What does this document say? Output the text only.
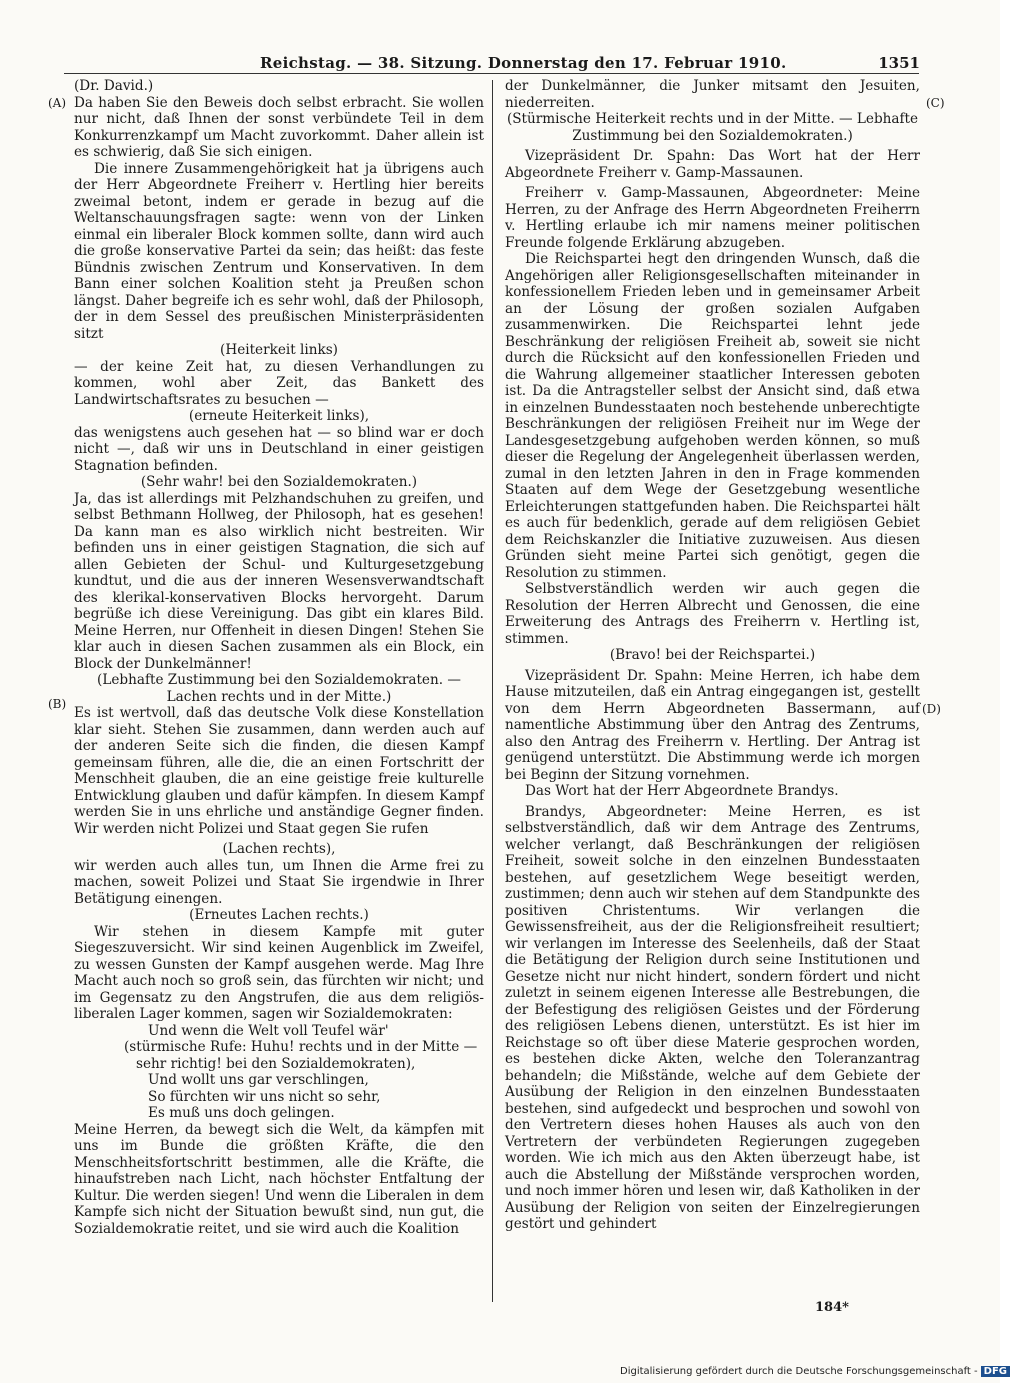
Reichstag. — 38. Sitzung. Donnerstag den 17. Februar 1910.	1351
(A)
(B)
(C)
(D)

(Dr. David.)

Da haben Sie den Beweis doch selbst erbracht. Sie wollen nur nicht, daß Ihnen der sonst verbündete Teil in dem Konkurrenzkampf um Macht zuvorkommt. Daher allein ist es schwierig, daß Sie sich einigen.

Die innere Zusammengehörigkeit hat ja übrigens auch der Herr Abgeordnete Freiherr v. Hertling hier bereits zweimal betont, indem er gerade in bezug auf die Weltanschauungsfragen sagte: wenn von der Linken einmal ein liberaler Block kommen sollte, dann wird auch die große konservative Partei da sein; das heißt: das feste Bündnis zwischen Zentrum und Konservativen. In dem Bann einer solchen Koalition steht ja Preußen schon längst. Daher begreife ich es sehr wohl, daß der Philosoph, der in dem Sessel des preußischen Ministerpräsidenten sitzt

(Heiterkeit links)

— der keine Zeit hat, zu diesen Verhandlungen zu kommen, wohl aber Zeit, das Bankett des Landwirtschaftsrates zu besuchen —

(erneute Heiterkeit links),

das wenigstens auch gesehen hat — so blind war er doch nicht —, daß wir uns in Deutschland in einer geistigen Stagnation befinden.

(Sehr wahr! bei den Sozialdemokraten.)

Ja, das ist allerdings mit Pelzhandschuhen zu greifen, und selbst Bethmann Hollweg, der Philosoph, hat es gesehen! Da kann man es also wirklich nicht bestreiten. Wir befinden uns in einer geistigen Stagnation, die sich auf allen Gebieten der Schul- und Kulturgesetzgebung kundtut, und die aus der inneren Wesensverwandtschaft des klerikal-konservativen Blocks hervorgeht. Darum begrüße ich diese Vereinigung. Das gibt ein klares Bild. Meine Herren, nur Offenheit in diesen Dingen! Stehen Sie klar auch in diesen Sachen zusammen als ein Block, ein Block der Dunkelmänner!

(Lebhafte Zustimmung bei den Sozialdemokraten. — Lachen rechts und in der Mitte.)

Es ist wertvoll, daß das deutsche Volk diese Konstellation klar sieht. Stehen Sie zusammen, dann werden auch auf der anderen Seite sich die finden, die diesen Kampf gemeinsam führen, alle die, die an einen Fortschritt der Menschheit glauben, die an eine geistige freie kulturelle Entwicklung glauben und dafür kämpfen. In diesem Kampf werden Sie in uns ehrliche und anständige Gegner finden. Wir werden nicht Polizei und Staat gegen Sie rufen

(Lachen rechts),

wir werden auch alles tun, um Ihnen die Arme frei zu machen, soweit Polizei und Staat Sie irgendwie in Ihrer Betätigung einengen.

(Erneutes Lachen rechts.)

Wir stehen in diesem Kampfe mit guter Siegeszuversicht. Wir sind keinen Augenblick im Zweifel, zu wessen Gunsten der Kampf ausgehen werde. Mag Ihre Macht auch noch so groß sein, das fürchten wir nicht; und im Gegensatz zu den Angstrufen, die aus dem religiös-liberalen Lager kommen, sagen wir Sozialdemokraten:

Und wenn die Welt voll Teufel wär'

(stürmische Rufe: Huhu! rechts und in der Mitte —

sehr richtig! bei den Sozialdemokraten),

Und wollt uns gar verschlingen,

So fürchten wir uns nicht so sehr,

Es muß uns doch gelingen.

Meine Herren, da bewegt sich die Welt, da kämpfen mit uns im Bunde die größten Kräfte, die den Menschheitsfortschritt bestimmen, alle die Kräfte, die hinaufstreben nach Licht, nach höchster Entfaltung der Kultur. Die werden siegen! Und wenn die Liberalen in dem Kampfe sich nicht der Situation bewußt sind, nun gut, die Sozialdemokratie reitet, und sie wird auch die Koalition

der Dunkelmänner, die Junker mitsamt den Jesuiten, niederreiten.

(Stürmische Heiterkeit rechts und in der Mitte. — Lebhafte Zustimmung bei den Sozialdemokraten.)

Vizepräsident Dr. Spahn: Das Wort hat der Herr Abgeordnete Freiherr v. Gamp-Massaunen.

Freiherr v. Gamp-Massaunen, Abgeordneter: Meine Herren, zu der Anfrage des Herrn Abgeordneten Freiherrn v. Hertling erlaube ich mir namens meiner politischen Freunde folgende Erklärung abzugeben.

Die Reichspartei hegt den dringenden Wunsch, daß die Angehörigen aller Religionsgesellschaften miteinander in konfessionellem Frieden leben und in gemeinsamer Arbeit an der Lösung der großen sozialen Aufgaben zusammenwirken. Die Reichspartei lehnt jede Beschränkung der religiösen Freiheit ab, soweit sie nicht durch die Rücksicht auf den konfessionellen Frieden und die Wahrung allgemeiner staatlicher Interessen geboten ist. Da die Antragsteller selbst der Ansicht sind, daß etwa in einzelnen Bundesstaaten noch bestehende unberechtigte Beschränkungen der religiösen Freiheit nur im Wege der Landesgesetzgebung aufgehoben werden können, so muß dieser die Regelung der Angelegenheit überlassen werden, zumal in den letzten Jahren in den in Frage kommenden Staaten auf dem Wege der Gesetzgebung wesentliche Erleichterungen stattgefunden haben. Die Reichspartei hält es auch für bedenklich, gerade auf dem religiösen Gebiet dem Reichskanzler die Initiative zuzuweisen. Aus diesen Gründen sieht meine Partei sich genötigt, gegen die Resolution zu stimmen.

Selbstverständlich werden wir auch gegen die Resolution der Herren Albrecht und Genossen, die eine Erweiterung des Antrags des Freiherrn v. Hertling ist, stimmen.

(Bravo! bei der Reichspartei.)

Vizepräsident Dr. Spahn: Meine Herren, ich habe dem Hause mitzuteilen, daß ein Antrag eingegangen ist, gestellt von dem Herrn Abgeordneten Bassermann, auf namentliche Abstimmung über den Antrag des Zentrums, also den Antrag des Freiherrn v. Hertling. Der Antrag ist genügend unterstützt. Die Abstimmung werde ich morgen bei Beginn der Sitzung vornehmen.

Das Wort hat der Herr Abgeordnete Brandys.

Brandys, Abgeordneter: Meine Herren, es ist selbstverständlich, daß wir dem Antrage des Zentrums, welcher verlangt, daß Beschränkungen der religiösen Freiheit, soweit solche in den einzelnen Bundesstaaten bestehen, auf gesetzlichem Wege beseitigt werden, zustimmen; denn auch wir stehen auf dem Standpunkte des positiven Christentums. Wir verlangen die Gewissensfreiheit, aus der die Religionsfreiheit resultiert; wir verlangen im Interesse des Seelenheils, daß der Staat die Betätigung der Religion durch seine Institutionen und Gesetze nicht nur nicht hindert, sondern fördert und nicht zuletzt in seinem eigenen Interesse alle Bestrebungen, die der Befestigung des religiösen Geistes und der Förderung des religiösen Lebens dienen, unterstützt. Es ist hier im Reichstage so oft über diese Materie gesprochen worden, es bestehen dicke Akten, welche den Toleranzantrag behandeln; die Mißstände, welche auf dem Gebiete der Ausübung der Religion in den einzelnen Bundesstaaten bestehen, sind aufgedeckt und besprochen und sowohl von den Vertretern dieses hohen Hauses als auch von den Vertretern der verbündeten Regierungen zugegeben worden. Wie ich mich aus den Akten überzeugt habe, ist auch die Abstellung der Mißstände versprochen worden, und noch immer hören und lesen wir, daß Katholiken in der Ausübung der Religion von seiten der Einzelregierungen gestört und gehindert

184*
Digitalisierung gefördert durch die Deutsche Forschungsgemeinschaft - DFG
